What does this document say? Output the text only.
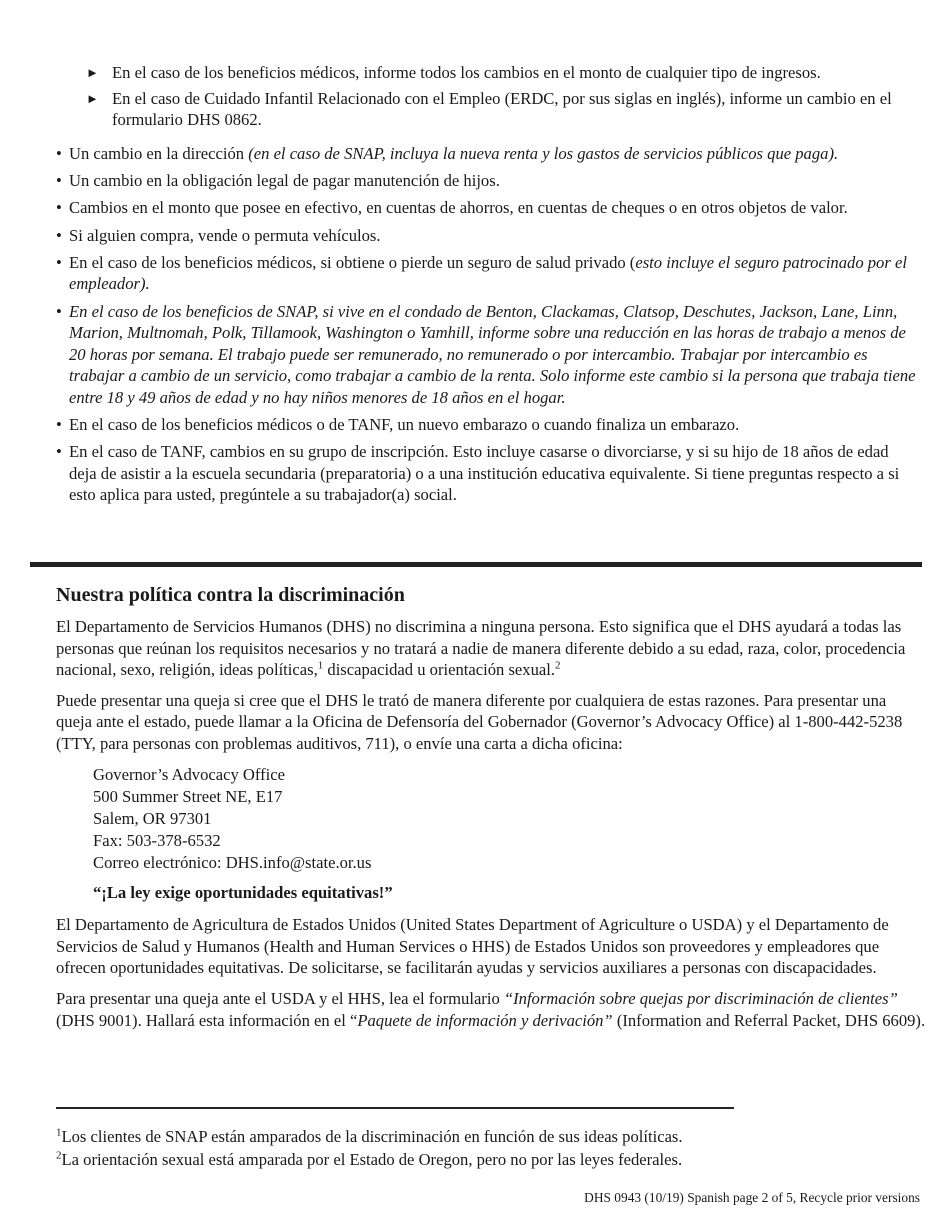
► En el caso de los beneficios médicos, informe todos los cambios en el monto de cualquier tipo de ingresos.
► En el caso de Cuidado Infantil Relacionado con el Empleo (ERDC, por sus siglas en inglés), informe un cambio en el formulario DHS 0862.
• Un cambio en la dirección (en el caso de SNAP, incluya la nueva renta y los gastos de servicios públicos que paga).
• Un cambio en la obligación legal de pagar manutención de hijos.
• Cambios en el monto que posee en efectivo, en cuentas de ahorros, en cuentas de cheques o en otros objetos de valor.
• Si alguien compra, vende o permuta vehículos.
• En el caso de los beneficios médicos, si obtiene o pierde un seguro de salud privado (esto incluye el seguro patrocinado por el empleador).
• En el caso de los beneficios de SNAP, si vive en el condado de Benton, Clackamas, Clatsop, Deschutes, Jackson, Lane, Linn, Marion, Multnomah, Polk, Tillamook, Washington o Yamhill, informe sobre una reducción en las horas de trabajo a menos de 20 horas por semana. El trabajo puede ser remunerado, no remunerado o por intercambio. Trabajar por intercambio es trabajar a cambio de un servicio, como trabajar a cambio de la renta. Solo informe este cambio si la persona que trabaja tiene entre 18 y 49 años de edad y no hay niños menores de 18 años en el hogar.
• En el caso de los beneficios médicos o de TANF, un nuevo embarazo o cuando finaliza un embarazo.
• En el caso de TANF, cambios en su grupo de inscripción. Esto incluye casarse o divorciarse, y si su hijo de 18 años de edad deja de asistir a la escuela secundaria (preparatoria) o a una institución educativa equivalente. Si tiene preguntas respecto a si esto aplica para usted, pregúntele a su trabajador(a) social.
Nuestra política contra la discriminación

El Departamento de Servicios Humanos (DHS) no discrimina a ninguna persona. Esto significa que el DHS ayudará a todas las personas que reúnan los requisitos necesarios y no tratará a nadie de manera diferente debido a su edad, raza, color, procedencia nacional, sexo, religión, ideas políticas,$^1$ discapacidad u orientación sexual.$^2$

Puede presentar una queja si cree que el DHS le trató de manera diferente por cualquiera de estas razones. Para presentar una queja ante el estado, puede llamar a la Oficina de Defensoría del Gobernador (Governor’s Advocacy Office) al 1-800-442-5238 (TTY, para personas con problemas auditivos, 711), o envíe una carta a dicha oficina:

Governor’s Advocacy Office
500 Summer Street NE, E17
Salem, OR 97301
Fax: 503-378-6532
Correo electrónico: DHS.info@state.or.us
“¡La ley exige oportunidades equitativas!”

El Departamento de Agricultura de Estados Unidos (United States Department of Agriculture o USDA) y el Departamento de Servicios de Salud y Humanos (Health and Human Services o HHS) de Estados Unidos son proveedores y empleadores que ofrecen oportunidades equitativas. De solicitarse, se facilitarán ayudas y servicios auxiliares a personas con discapacidades.

Para presentar una queja ante el USDA y el HHS, lea el formulario “Información sobre quejas por discriminación de clientes” (DHS 9001). Hallará esta información en el “Paquete de información y derivación” (Information and Referral Packet, DHS 6609).

$^1$Los clientes de SNAP están amparados de la discriminación en función de sus ideas políticas.
$^2$La orientación sexual está amparada por el Estado de Oregon, pero no por las leyes federales.
DHS 0943 (10/19) Spanish page 2 of 5, Recycle prior versions
